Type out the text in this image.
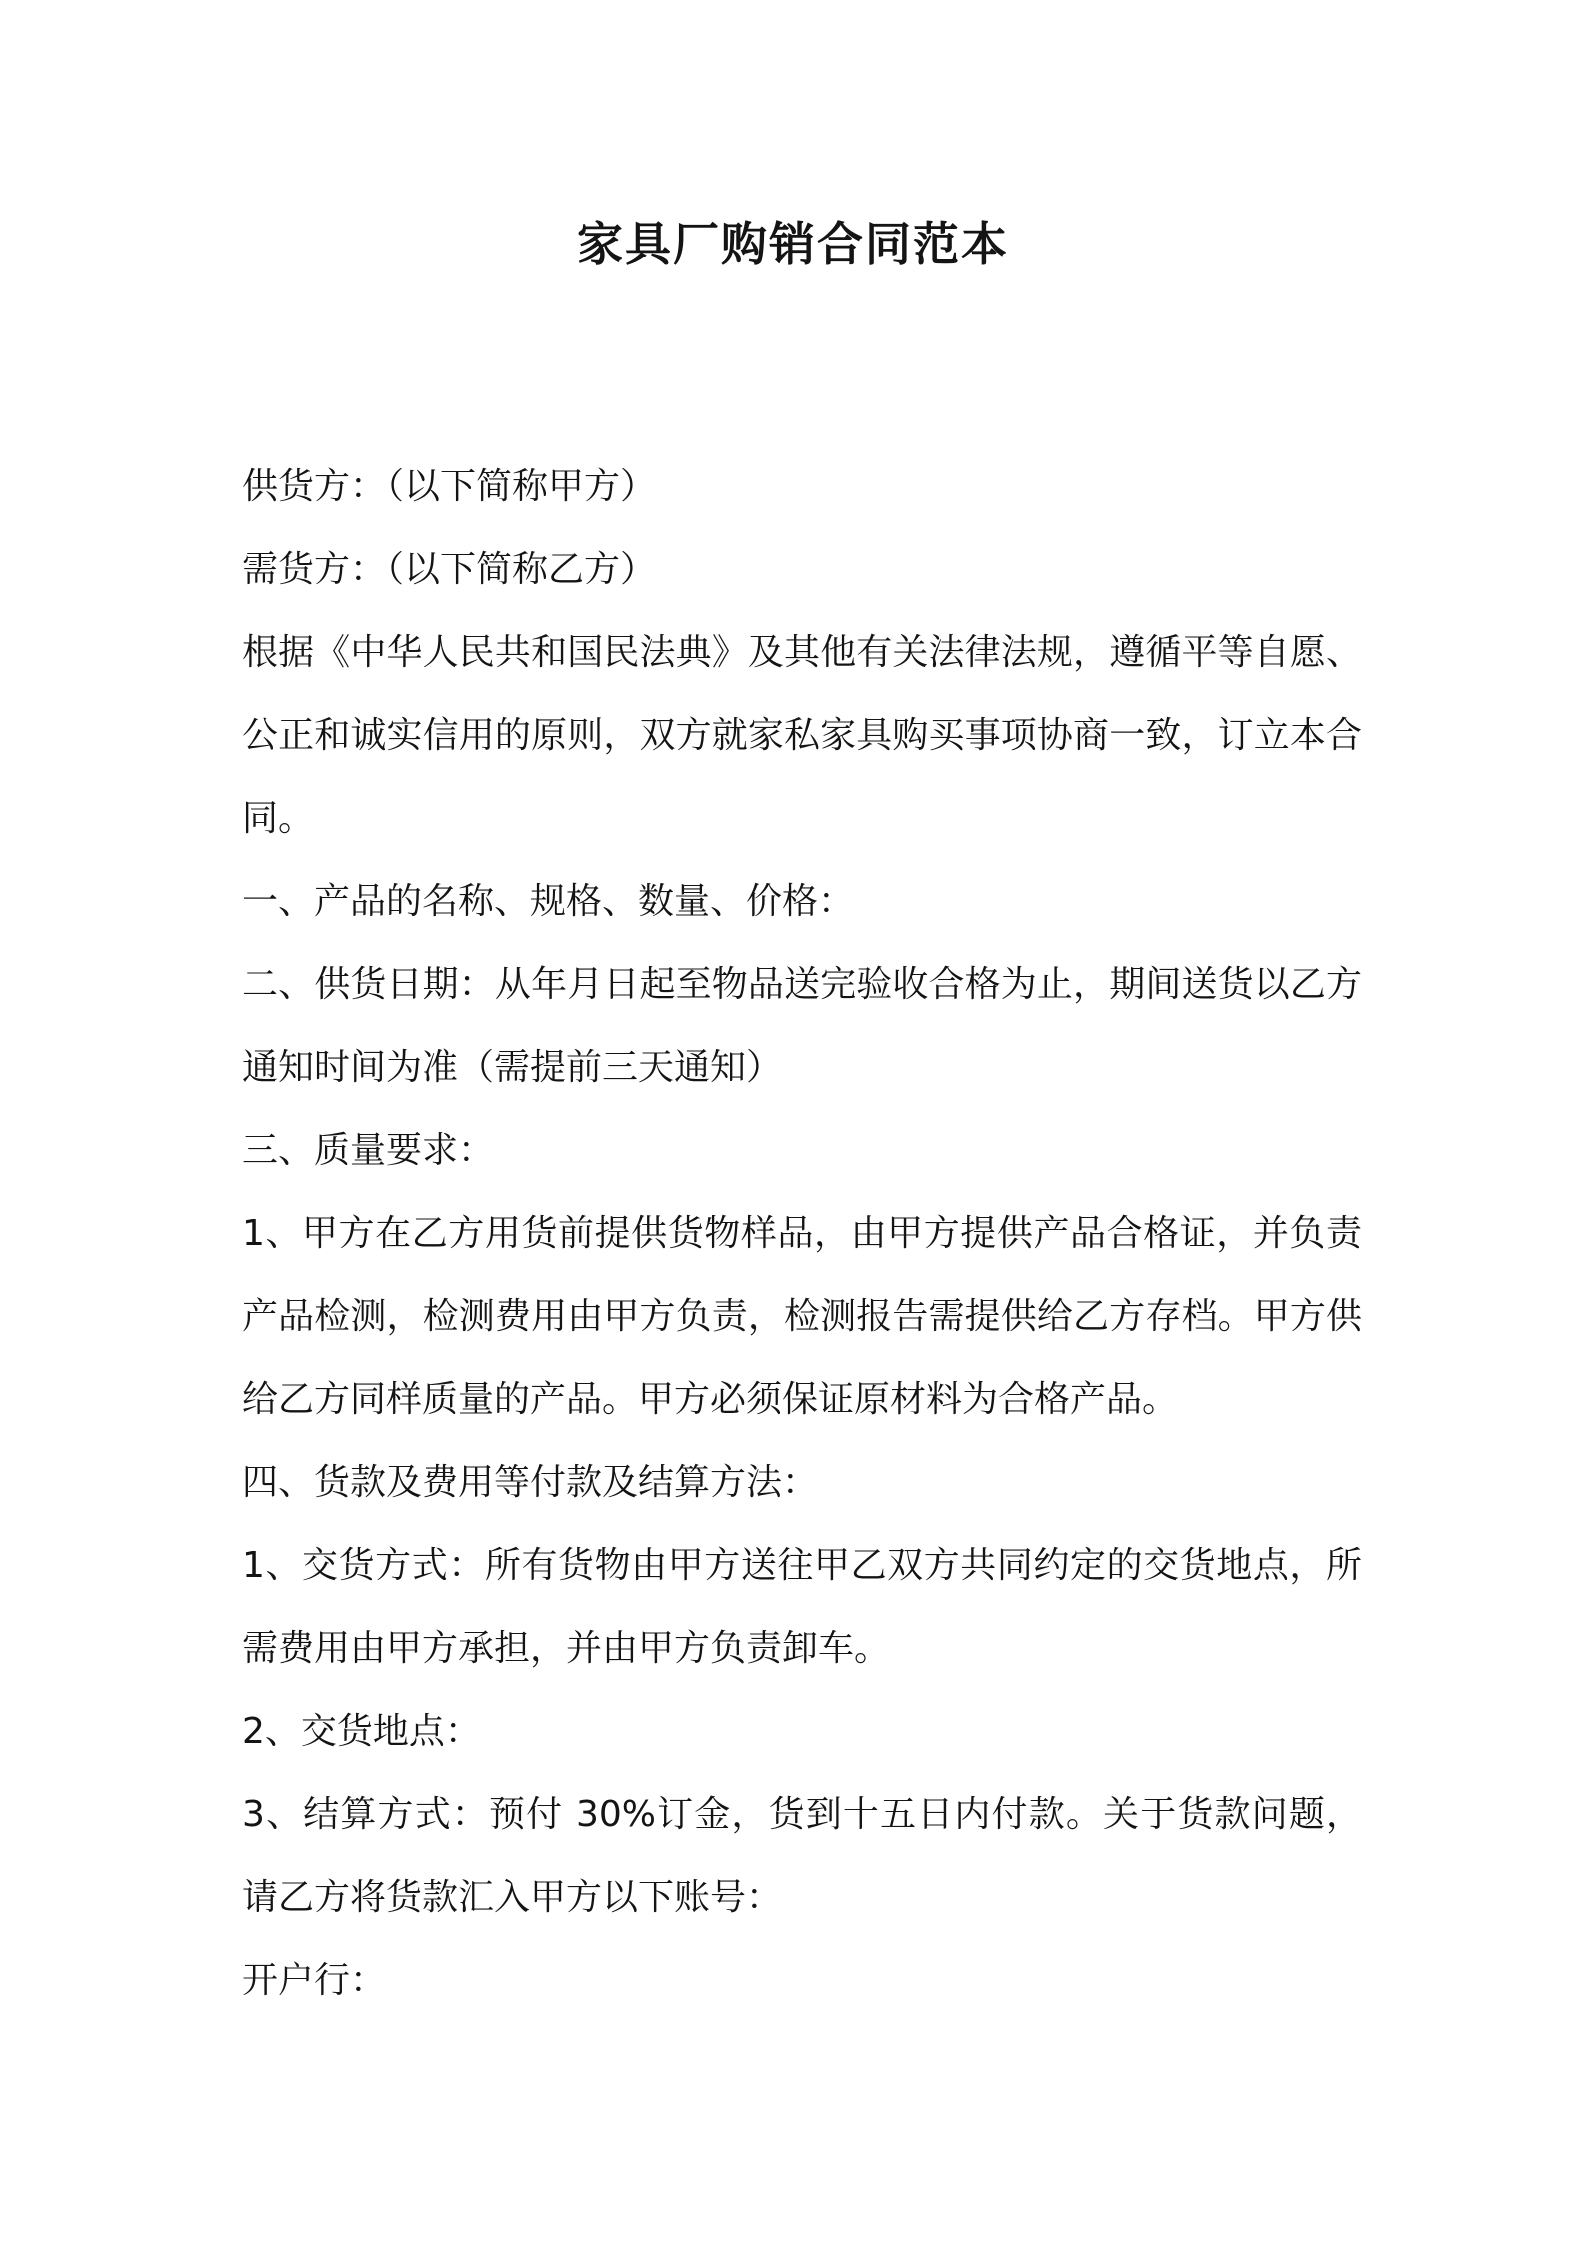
家具厂购销合同范本

供货方：（以下简称甲方）

需货方：（以下简称乙方）

根据《中华人民共和国民法典》及其他有关法律法规，遵循平等自愿、公正和诚实信用的原则，双方就家私家具购买事项协商一致，订立本合同。

一、产品的名称、规格、数量、价格：

二、供货日期：从年月日起至物品送完验收合格为止，期间送货以乙方通知时间为准（需提前三天通知）

三、质量要求：

1、甲方在乙方用货前提供货物样品，由甲方提供产品合格证，并负责产品检测，检测费用由甲方负责，检测报告需提供给乙方存档。甲方供给乙方同样质量的产品。甲方必须保证原材料为合格产品。

四、货款及费用等付款及结算方法：

1、交货方式：所有货物由甲方送往甲乙双方共同约定的交货地点，所需费用由甲方承担，并由甲方负责卸车。

2、交货地点：

3、结算方式：预付 30%订金，货到十五日内付款。关于货款问题，请乙方将货款汇入甲方以下账号：

开户行：
